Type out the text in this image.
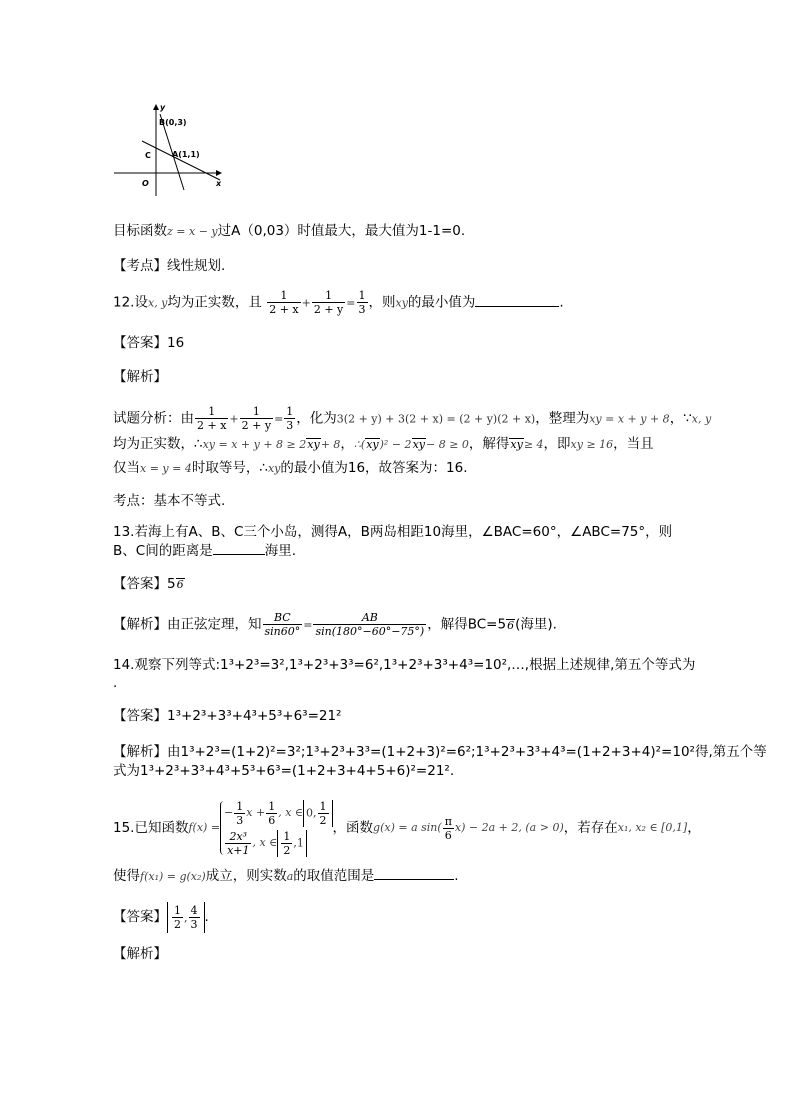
y
x
O
B(0,3)
C	A(1,1)
目标函数z = x − y过A（0,03）时值最大，最大值为1-1=0.
【考点】线性规划.
12.设x, y均为正实数，且 $\frac{1}{2 + x} + \frac{1}{2 + y} = \frac{1}{3}$ ，则xy的最小值为	.
【答案】16
【解析】
试题分析：由 $\frac{1}{2 + x} + \frac{1}{2 + y} = \frac{1}{3}$ ，化为3(2 + y) + 3(2 + x) = (2 + y)(2 + x)，整理为xy = x + y + 8，∵x, y
均为正实数，∴xy = x + y + 8 ≥ 2xy+ 8，∴(xy)² − 2xy− 8 ≥ 0，解得xy≥ 4，即xy ≥ 16，当且
仅当x = y = 4时取等号，∴xy的最小值为16，故答案为：16.
考点：基本不等式.
13.若海上有A、B、C三个小岛，测得A，B两岛相距10海里，∠BAC=60°，∠ABC=75°，则
B、C间的距离是	海里.
【答案】56
【解析】由正弦定理，知 $\frac{BC}{\sin 60^\circ} = \frac{AB}{\sin(180^\circ-60^\circ-75^\circ)}$ ，解得BC=56(海里).
14.观察下列等式:1³+2³=3²,1³+2³+3³=6²,1³+2³+3³+4³=10²,…,根据上述规律,第五个等式为
.
【答案】1³+2³+3³+4³+5³+6³=21²
【解析】由1³+2³=(1+2)²=3²;1³+2³+3³=(1+2+3)²=6²;1³+2³+3³+4³=(1+2+3+4)²=10²得,第五个等
式为1³+2³+3³+4³+5³+6³=(1+2+3+4+5+6)²=21².
15.已知函数 f(x) =
− $\frac{1}{3}$ $x + \frac{1}{6}$ , x ∈ 0, $\frac{1}{2}$
$\frac{\text{2x³}}{x+1}$ , x ∈ $\frac{1}{2} ,1$
，函数 g(x) = a $\sin( \frac{\pi}{6} x) - 2a + 2$, (a > 0) ，若存在 x₁, x₂ ∈ [0,1] ，
使得f(x₁) = g(x₂)成立，则实数a的取值范围是	.
【答案】 $\frac{1}{2}$ , $\frac{4}{3}$ .
【解析】
